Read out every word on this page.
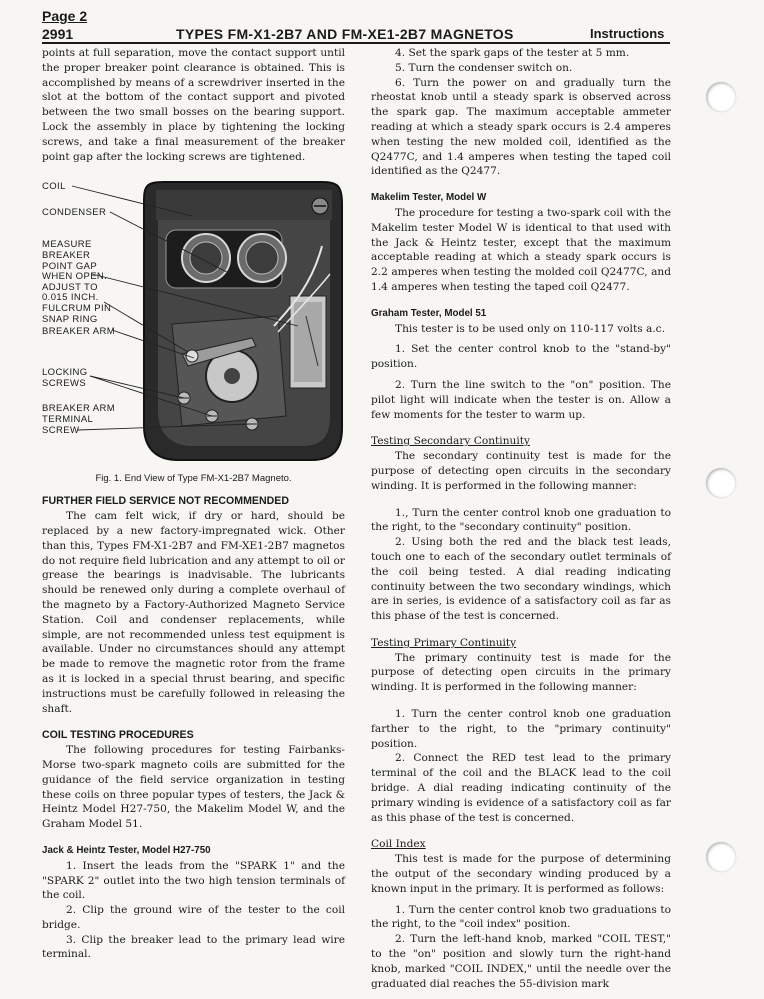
Page 2
2991	TYPES FM-X1-2B7 AND FM-XE1-2B7 MAGNETOS	Instructions

points at full separation, move the contact support until the proper breaker point clearance is obtained. This is accomplished by means of a screwdriver inserted in the slot at the bottom of the contact support and pivoted between the two small bosses on the bearing support. Lock the assembly in place by tightening the locking screws, and take a final measurement of the breaker point gap after the locking screws are tightened.

COIL
CONDENSER
MEASURE
BREAKER
POINT GAP
WHEN OPEN.
ADJUST TO
0.015 INCH.
FULCRUM PIN
SNAP RING
BREAKER ARM
LOCKING
SCREWS
BREAKER ARM
TERMINAL
SCREW

Fig. 1. End View of Type FM-X1-2B7 Magneto.

FURTHER FIELD SERVICE NOT RECOMMENDED

The cam felt wick, if dry or hard, should be replaced by a new factory-impregnated wick. Other than this, Types FM-X1-2B7 and FM-XE1-2B7 magnetos do not require field lubrication and any attempt to oil or grease the bearings is inadvisable. The lubricants should be renewed only during a complete overhaul of the magneto by a Factory-Authorized Magneto Service Station. Coil and condenser replacements, while simple, are not recommended unless test equipment is available. Under no circumstances should any attempt be made to remove the magnetic rotor from the frame as it is locked in a special thrust bearing, and specific instructions must be carefully followed in releasing the shaft.

COIL TESTING PROCEDURES

The following procedures for testing Fairbanks-Morse two-spark magneto coils are submitted for the guidance of the field service organization in testing these coils on three popular types of testers, the Jack & Heintz Model H27-750, the Makelim Model W, and the Graham Model 51.

Jack & Heintz Tester, Model H27-750

1. Insert the leads from the "SPARK 1" and the "SPARK 2" outlet into the two high tension terminals of the coil.

2. Clip the ground wire of the tester to the coil bridge.

3. Clip the breaker lead to the primary lead wire terminal.

4. Set the spark gaps of the tester at 5 mm.

5. Turn the condenser switch on.

6. Turn the power on and gradually turn the rheostat knob until a steady spark is observed across the spark gap. The maximum acceptable ammeter reading at which a steady spark occurs is 2.4 amperes when testing the new molded coil, identified as the Q2477C, and 1.4 amperes when testing the taped coil identified as the Q2477.

Makelim Tester, Model W

The procedure for testing a two-spark coil with the Makelim tester Model W is identical to that used with the Jack & Heintz tester, except that the maximum acceptable reading at which a steady spark occurs is 2.2 amperes when testing the molded coil Q2477C, and 1.4 amperes when testing the taped coil Q2477.

Graham Tester, Model 51

This tester is to be used only on 110-117 volts a.c.

1. Set the center control knob to the "stand-by" position.

2. Turn the line switch to the "on" position. The pilot light will indicate when the tester is on. Allow a few moments for the tester to warm up.

Testing Secondary Continuity

The secondary continuity test is made for the purpose of detecting open circuits in the secondary winding. It is performed in the following manner:

1., Turn the center control knob one graduation to the right, to the "secondary continuity" position.

2. Using both the red and the black test leads, touch one to each of the secondary outlet terminals of the coil being tested. A dial reading indicating continuity between the two secondary windings, which are in series, is evidence of a satisfactory coil as far as this phase of the test is concerned.

Testing Primary Continuity

The primary continuity test is made for the purpose of detecting open circuits in the primary winding. It is performed in the following manner:

1. Turn the center control knob one graduation farther to the right, to the "primary continuity" position.

2. Connect the RED test lead to the primary terminal of the coil and the BLACK lead to the coil bridge. A dial reading indicating continuity of the primary winding is evidence of a satisfactory coil as far as this phase of the test is concerned.

Coil Index

This test is made for the purpose of determining the output of the secondary winding produced by a known input in the primary. It is performed as follows:

1. Turn the center control knob two graduations to the right, to the "coil index" position.

2. Turn the left-hand knob, marked "COIL TEST," to the "on" position and slowly turn the right-hand knob, marked "COIL INDEX," until the needle over the graduated dial reaches the 55-division mark
